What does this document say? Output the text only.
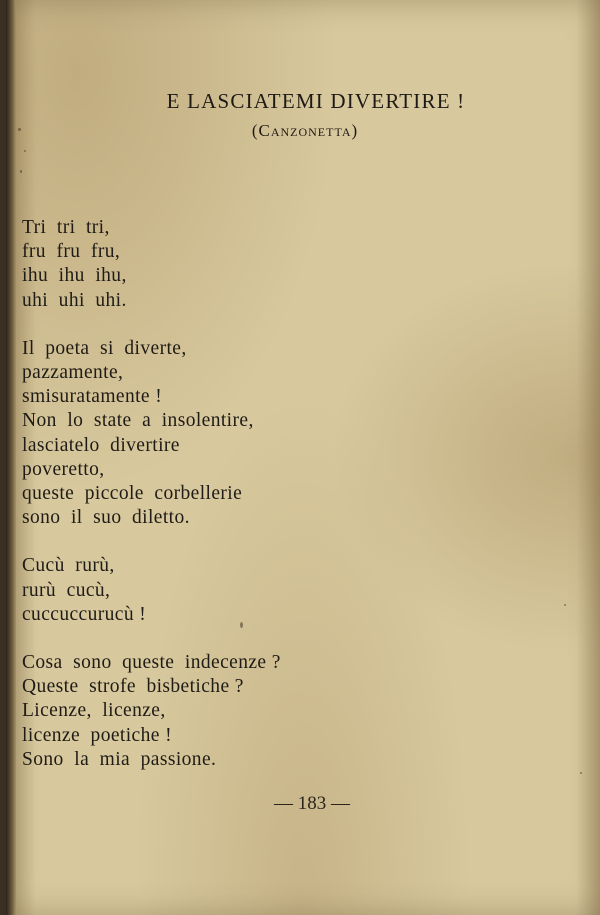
E LASCIATEMI DIVERTIRE !
(Canzonetta)
Tri  tri  tri,
fru  fru  fru,
ihu  ihu  ihu,
uhi  uhi  uhi.
Il  poeta  si  diverte,
pazzamente,
smisuratamente !
Non  lo  state  a  insolentire,
lasciatelo  divertire
poveretto,
queste  piccole  corbellerie
sono  il  suo  diletto.
Cucù  rurù,
rurù  cucù,
cuccuccurucù !
Cosa  sono  queste  indecenze ?
Queste  strofe  bisbetiche ?
Licenze,  licenze,
licenze  poetiche !
Sono  la  mia  passione.
— 183 —
